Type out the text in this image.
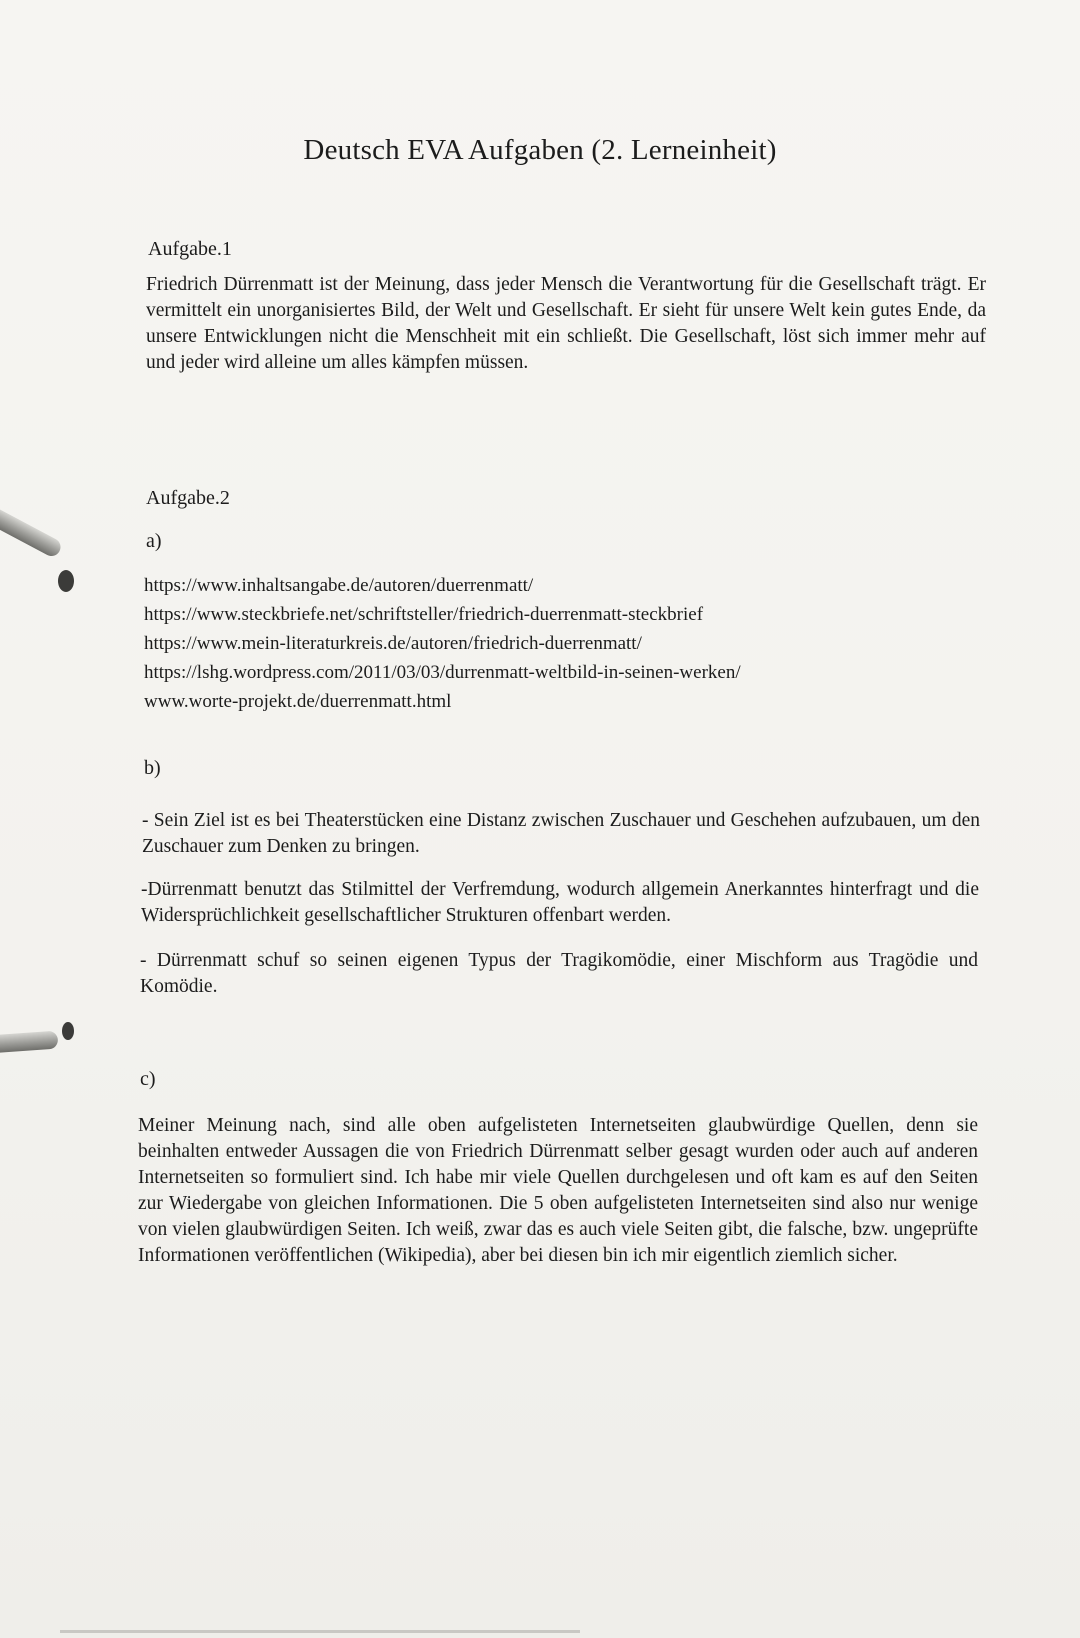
Deutsch EVA Aufgaben (2. Lerneinheit)
Aufgabe.1
Friedrich Dürrenmatt ist der Meinung, dass jeder Mensch die Verantwortung für die Gesellschaft trägt. Er vermittelt ein unorganisiertes Bild, der Welt und Gesellschaft. Er sieht für unsere Welt kein gutes Ende, da unsere Entwicklungen nicht die Menschheit mit ein schließt. Die Gesellschaft, löst sich immer mehr auf und jeder wird alleine um alles kämpfen müssen.
Aufgabe.2
a)
https://www.inhaltsangabe.de/autoren/duerrenmatt/
https://www.steckbriefe.net/schriftsteller/friedrich-duerrenmatt-steckbrief
https://www.mein-literaturkreis.de/autoren/friedrich-duerrenmatt/
https://lshg.wordpress.com/2011/03/03/durrenmatt-weltbild-in-seinen-werken/
www.worte-projekt.de/duerrenmatt.html
b)
- Sein Ziel ist es bei Theaterstücken eine Distanz zwischen Zuschauer und Geschehen aufzubauen, um den Zuschauer zum Denken zu bringen.
-Dürrenmatt benutzt das Stilmittel der Verfremdung, wodurch allgemein Anerkanntes hinterfragt und die Widersprüchlichkeit gesellschaftlicher Strukturen offenbart werden.
- Dürrenmatt schuf so seinen eigenen Typus der Tragikomödie, einer Mischform aus Tragödie und Komödie.
c)
Meiner Meinung nach, sind alle oben aufgelisteten Internetseiten glaubwürdige Quellen, denn sie beinhalten entweder Aussagen die von Friedrich Dürrenmatt selber gesagt wurden oder auch auf anderen Internetseiten so formuliert sind. Ich habe mir viele Quellen durchgelesen und oft kam es auf den Seiten zur Wiedergabe von gleichen Informationen. Die 5 oben aufgelisteten Internetseiten sind also nur wenige von vielen glaubwürdigen Seiten. Ich weiß, zwar das es auch viele Seiten gibt, die falsche, bzw. ungeprüfte Informationen veröffentlichen (Wikipedia), aber bei diesen bin ich mir eigentlich ziemlich sicher.
